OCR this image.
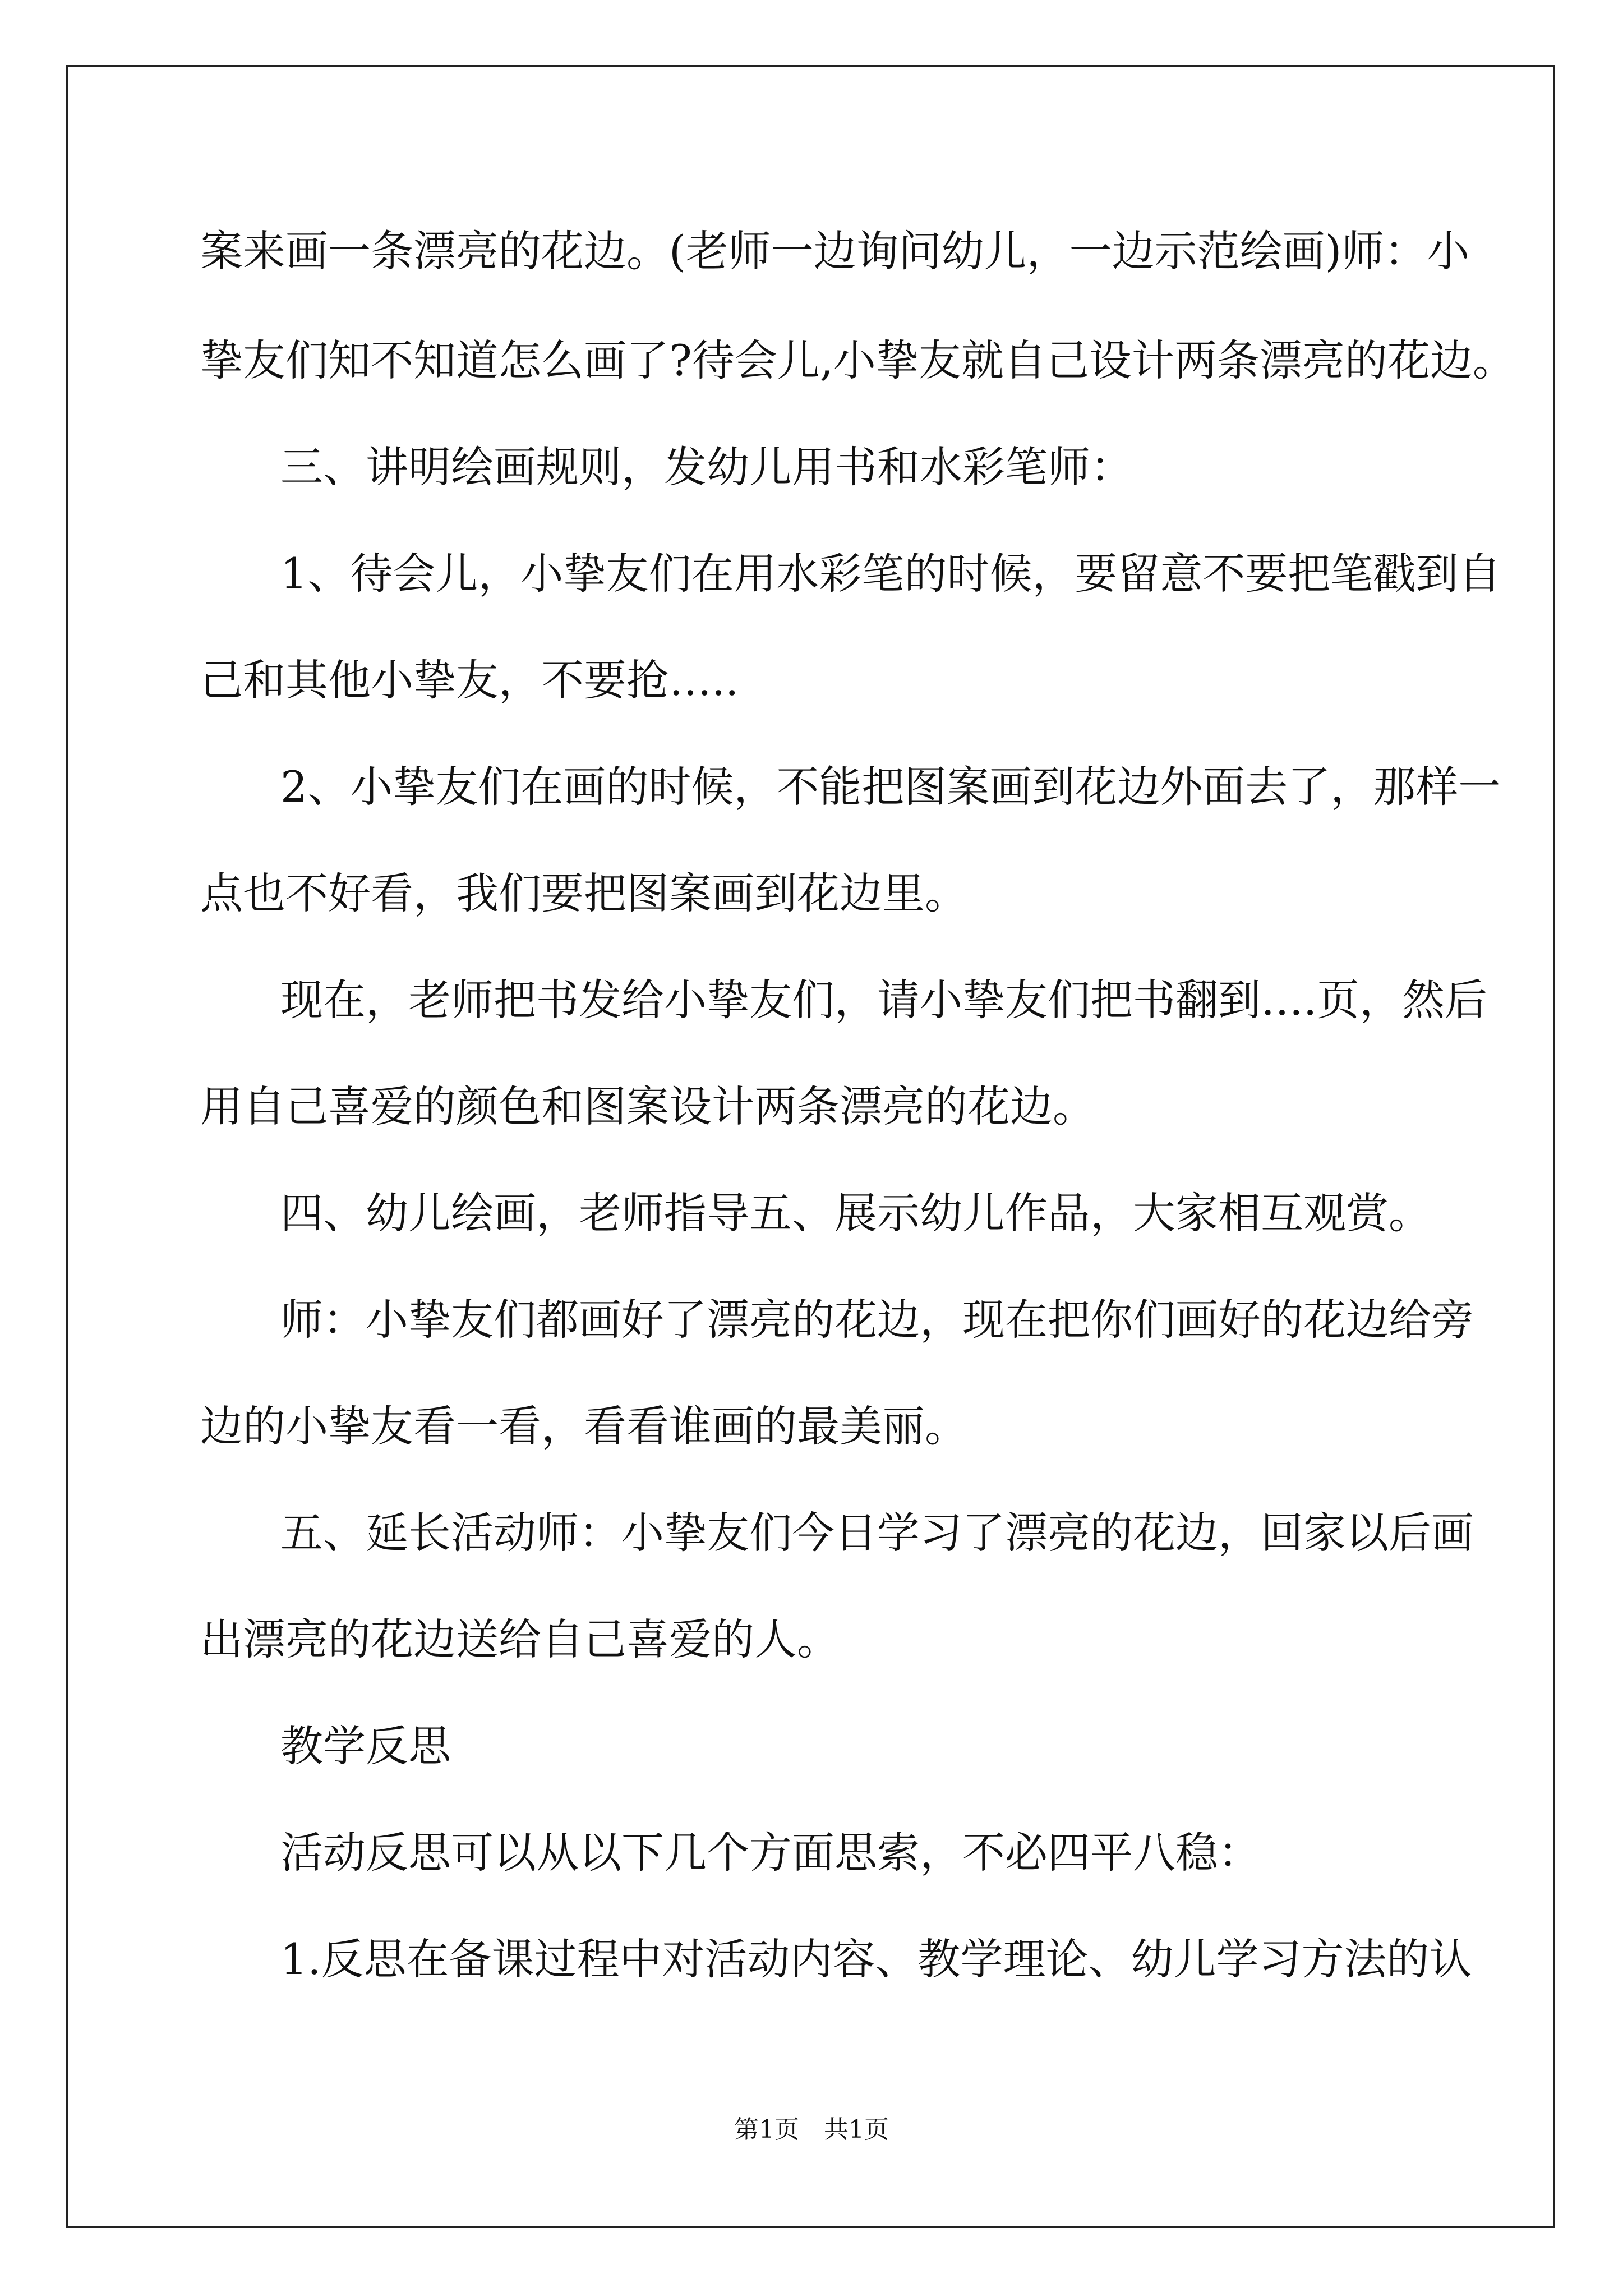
案来画一条漂亮的花边。(老师一边询问幼儿，一边示范绘画)师：小

挚友们知不知道怎么画了?待会儿,小挚友就自己设计两条漂亮的花边。

三、讲明绘画规则，发幼儿用书和水彩笔师：

1、待会儿，小挚友们在用水彩笔的时候，要留意不要把笔戳到自

己和其他小挚友，不要抢…..

2、小挚友们在画的时候，不能把图案画到花边外面去了，那样一

点也不好看，我们要把图案画到花边里。

现在，老师把书发给小挚友们，请小挚友们把书翻到….页，然后

用自己喜爱的颜色和图案设计两条漂亮的花边。

四、幼儿绘画，老师指导五、展示幼儿作品，大家相互观赏。

师：小挚友们都画好了漂亮的花边，现在把你们画好的花边给旁

边的小挚友看一看，看看谁画的最美丽。

五、延长活动师：小挚友们今日学习了漂亮的花边，回家以后画

出漂亮的花边送给自己喜爱的人。

教学反思

活动反思可以从以下几个方面思索，不必四平八稳：

1.反思在备课过程中对活动内容、教学理论、幼儿学习方法的认

第1页　共1页
